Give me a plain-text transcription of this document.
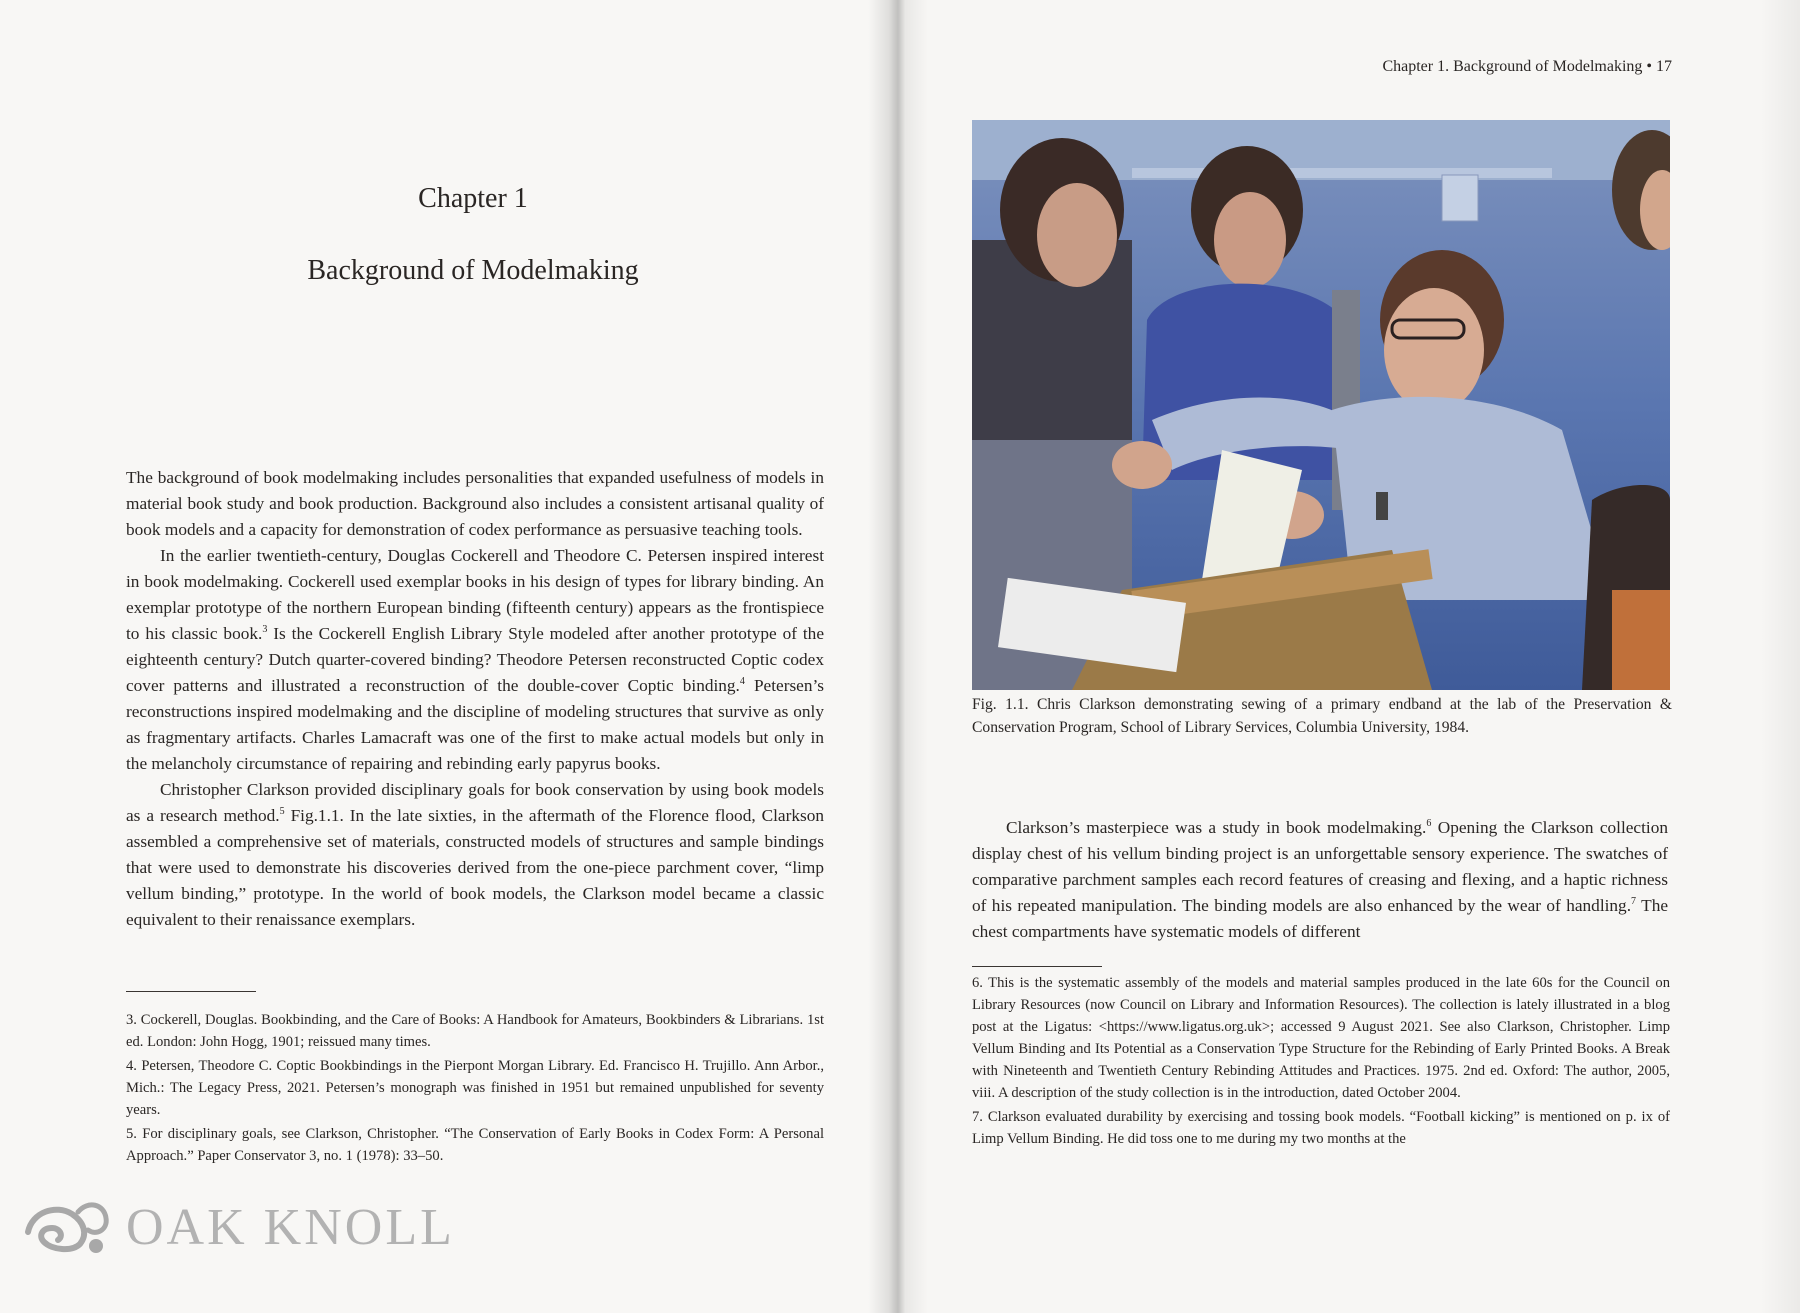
Chapter 1
Background of Modelmaking

The background of book modelmaking includes personalities that expanded usefulness of models in material book study and book production. Background also includes a consistent artisanal quality of book models and a capacity for demonstration of codex performance as persuasive teaching tools.

In the earlier twentieth-century, Douglas Cockerell and Theodore C. Petersen inspired interest in book modelmaking. Cockerell used exemplar books in his design of types for library binding. An exemplar prototype of the northern European binding (fifteenth century) appears as the frontispiece to his classic book.$^3$ Is the Cockerell English Library Style modeled after another prototype of the eighteenth century? Dutch quarter-covered binding? Theodore Petersen reconstructed Coptic codex cover patterns and illustrated a reconstruction of the double-cover Coptic binding.$^4$ Petersen’s reconstructions inspired modelmaking and the discipline of modeling structures that survive as only as fragmentary artifacts. Charles Lamacraft was one of the first to make actual models but only in the melancholy circumstance of repairing and rebinding early papyrus books.

Christopher Clarkson provided disciplinary goals for book conservation by using book models as a research method.$^5$ Fig.1.1. In the late sixties, in the aftermath of the Florence flood, Clarkson assembled a comprehensive set of materials, constructed models of structures and sample bindings that were used to demonstrate his discoveries derived from the one-piece parchment cover, “limp vellum binding,” prototype. In the world of book models, the Clarkson model became a classic equivalent to their renaissance exemplars.

3. Cockerell, Douglas. Bookbinding, and the Care of Books: A Handbook for Amateurs, Bookbinders & Librarians. 1st ed. London: John Hogg, 1901; reissued many times.

4. Petersen, Theodore C. Coptic Bookbindings in the Pierpont Morgan Library. Ed. Francisco H. Trujillo. Ann Arbor., Mich.: The Legacy Press, 2021. Petersen’s monograph was finished in 1951 but remained unpublished for seventy years.

5. For disciplinary goals, see Clarkson, Christopher. “The Conservation of Early Books in Codex Form: A Personal Approach.” Paper Conservator 3, no. 1 (1978): 33–50.

OAK KNOLL
Chapter 1. Background of Modelmaking • 17
Fig. 1.1. Chris Clarkson demonstrating sewing of a primary endband at the lab of the Preservation & Conservation Program, School of Library Services, Columbia University, 1984.

Clarkson’s masterpiece was a study in book modelmaking.$^6$ Opening the Clarkson collection display chest of his vellum binding project is an unforgettable sensory experience. The swatches of comparative parchment samples each record features of creasing and flexing, and a haptic richness of his repeated manipulation. The binding models are also enhanced by the wear of handling.$^7$ The chest compartments have systematic models of different

6. This is the systematic assembly of the models and material samples produced in the late 60s for the Council on Library Resources (now Council on Library and Information Resources). The collection is lately illustrated in a blog post at the Ligatus: <https://www.ligatus.org.uk>; accessed 9 August 2021. See also Clarkson, Christopher. Limp Vellum Binding and Its Potential as a Conservation Type Structure for the Rebinding of Early Printed Books. A Break with Nineteenth and Twentieth Century Rebinding Attitudes and Practices. 1975. 2nd ed. Oxford: The author, 2005, viii. A description of the study collection is in the introduction, dated October 2004.

7. Clarkson evaluated durability by exercising and tossing book models. “Football kicking” is mentioned on p. ix of Limp Vellum Binding. He did toss one to me during my two months at the
